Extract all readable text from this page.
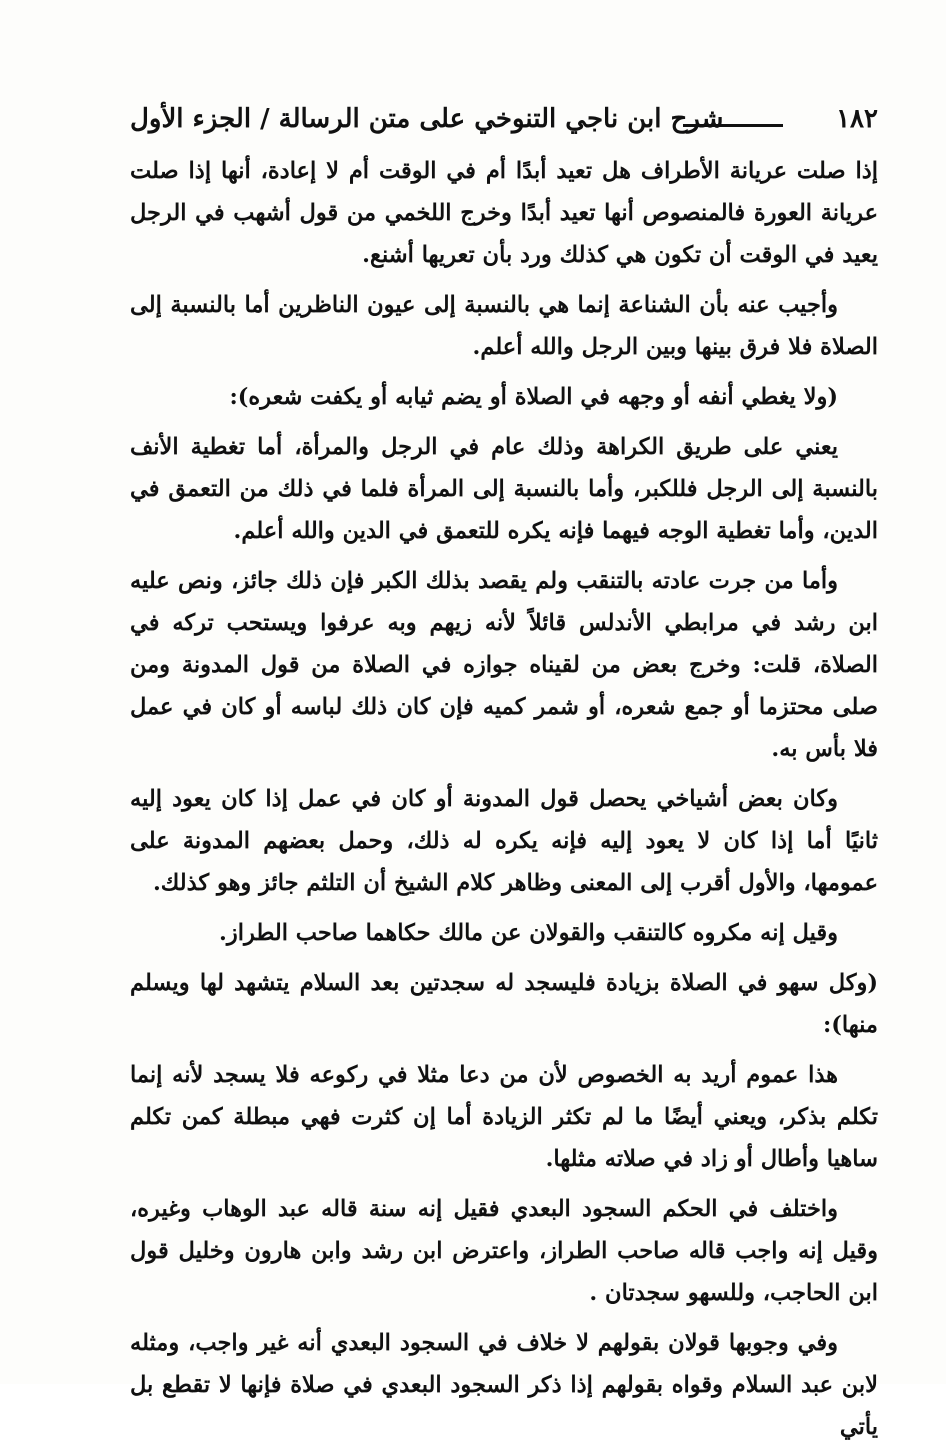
١٨٢
شرح ابن ناجي التنوخي على متن الرسالة / الجزء الأول

إذا صلت عريانة الأطراف هل تعيد أبدًا أم في الوقت أم لا إعادة، أنها إذا صلت عريانة العورة فالمنصوص أنها تعيد أبدًا وخرج اللخمي من قول أشهب في الرجل يعيد في الوقت أن تكون هي كذلك ورد بأن تعريها أشنع.

وأجيب عنه بأن الشناعة إنما هي بالنسبة إلى عيون الناظرين أما بالنسبة إلى الصلاة فلا فرق بينها وبين الرجل والله أعلم.

(ولا يغطي أنفه أو وجهه في الصلاة أو يضم ثيابه أو يكفت شعره):

يعني على طريق الكراهة وذلك عام في الرجل والمرأة، أما تغطية الأنف بالنسبة إلى الرجل فللكبر، وأما بالنسبة إلى المرأة فلما في ذلك من التعمق في الدين، وأما تغطية الوجه فيهما فإنه يكره للتعمق في الدين والله أعلم.

وأما من جرت عادته بالتنقب ولم يقصد بذلك الكبر فإن ذلك جائز، ونص عليه ابن رشد في مرابطي الأندلس قائلاً لأنه زيهم وبه عرفوا ويستحب تركه في الصلاة، قلت: وخرج بعض من لقيناه جوازه في الصلاة من قول المدونة ومن صلى محتزما أو جمع شعره، أو شمر كميه فإن كان ذلك لباسه أو كان في عمل فلا بأس به.

وكان بعض أشياخي يحصل قول المدونة أو كان في عمل إذا كان يعود إليه ثانيًا أما إذا كان لا يعود إليه فإنه يكره له ذلك، وحمل بعضهم المدونة على عمومها، والأول أقرب إلى المعنى وظاهر كلام الشيخ أن التلثم جائز وهو كذلك.

وقيل إنه مكروه كالتنقب والقولان عن مالك حكاهما صاحب الطراز.

(وكل سهو في الصلاة بزيادة فليسجد له سجدتين بعد السلام يتشهد لها ويسلم منها):

هذا عموم أريد به الخصوص لأن من دعا مثلا في ركوعه فلا يسجد لأنه إنما تكلم بذكر، ويعني أيضًا ما لم تكثر الزيادة أما إن كثرت فهي مبطلة كمن تكلم ساهيا وأطال أو زاد في صلاته مثلها.

واختلف في الحكم السجود البعدي فقيل إنه سنة قاله عبد الوهاب وغيره، وقيل إنه واجب قاله صاحب الطراز، واعترض ابن رشد وابن هارون وخليل قول ابن الحاجب، وللسهو سجدتان .

وفي وجوبها قولان بقولهم لا خلاف في السجود البعدي أنه غير واجب، ومثله لابن عبد السلام وقواه بقولهم إذا ذكر السجود البعدي في صلاة فإنها لا تقطع بل يأتي
